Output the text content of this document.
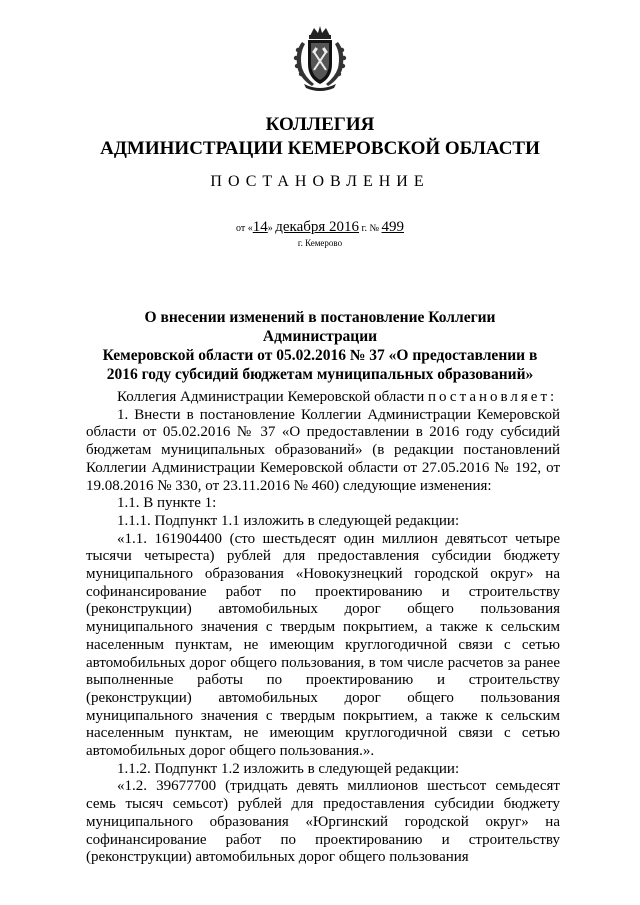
КОЛЛЕГИЯ
АДМИНИСТРАЦИИ КЕМЕРОВСКОЙ ОБЛАСТИ
ПОСТАНОВЛЕНИЕ
от «14» декабря 2016 г. № 499
г. Кемерово
О внесении изменений в постановление Коллегии Администрации
Кемеровской области от 05.02.2016 № 37 «О предоставлении в
2016 году субсидий бюджетам муниципальных образований»
Коллегия Администрации Кемеровской области постановляет:
1. Внести в постановление Коллегии Администрации Кемеровской области от 05.02.2016 № 37 «О предоставлении в 2016 году субсидий бюджетам муниципальных образований» (в редакции постановлений Коллегии Администрации Кемеровской области от 27.05.2016 № 192, от 19.08.2016 № 330, от 23.11.2016 № 460) следующие изменения:
1.1. В пункте 1:
1.1.1. Подпункт 1.1 изложить в следующей редакции:
«1.1. 161904400 (сто шестьдесят один миллион девятьсот четыре тысячи четыреста) рублей для предоставления субсидии бюджету муниципального образования «Новокузнецкий городской округ» на софинансирование работ по проектированию и строительству (реконструкции) автомобильных дорог общего пользования муниципального значения с твердым покрытием, а также к сельским населенным пунктам, не имеющим круглогодичной связи с сетью автомобильных дорог общего пользования, в том числе расчетов за ранее выполненные работы по проектированию и строительству (реконструкции) автомобильных дорог общего пользования муниципального значения с твердым покрытием, а также к сельским населенным пунктам, не имеющим круглогодичной связи с сетью автомобильных дорог общего пользования.».
1.1.2. Подпункт 1.2 изложить в следующей редакции:
«1.2. 39677700 (тридцать девять миллионов шестьсот семьдесят семь тысяч семьсот) рублей для предоставления субсидии бюджету муниципального образования «Юргинский городской округ» на софинансирование работ по проектированию и строительству (реконструкции) автомобильных дорог общего пользования
